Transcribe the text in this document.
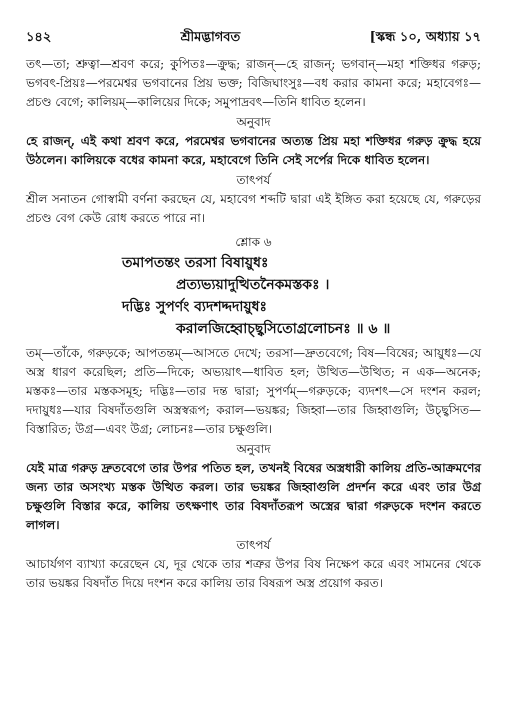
১৪২	শ্রীমদ্ভাগবত	[স্কন্ধ ১০, অধ্যায় ১৭

তৎ—তা; শ্রুত্বা—শ্রবণ করে; কুপিতঃ—ক্রুদ্ধ; রাজন্—হে রাজন্; ভগবান্—মহা শক্তিধর গরুড়; ভগবৎ-প্রিয়ঃ—পরমেশ্বর ভগবানের প্রিয় ভক্ত; বিজিঘাংসুঃ—বধ করার কামনা করে; মহাবেগঃ—প্রচণ্ড বেগে; কালিয়ম্—কালিয়ের দিকে; সমুপাদ্রবৎ—তিনি ধাবিত হলেন।

অনুবাদ

হে রাজন্, এই কথা শ্রবণ করে, পরমেশ্বর ভগবানের অত্যন্ত প্রিয় মহা শক্তিধর গরুড় ক্রুদ্ধ হয়ে উঠলেন। কালিয়কে বধের কামনা করে, মহাবেগে তিনি সেই সর্পের দিকে ধাবিত হলেন।

তাৎপর্য

শ্রীল সনাতন গোস্বামী বর্ণনা করছেন যে, মহাবেগ শব্দটি দ্বারা এই ইঙ্গিত করা হয়েছে যে, গরুড়ের প্রচণ্ড বেগ কেউ রোধ করতে পারে না।

শ্লোক ৬
তমাপতন্তং তরসা বিষায়ুধঃ
প্রত্যভ্যয়াদুত্থিতনৈকমস্তকঃ ।
দদ্ভিঃ সুপর্ণং ব্যদশদ্দদায়ুধঃ
করালজিহ্বোচ্ছ্বসিতোগ্রলোচনঃ ॥ ৬ ॥

তম্—তাঁকে, গরুড়কে; আপতন্তম্—আসতে দেখে; তরসা—দ্রুতবেগে; বিষ—বিষের; আয়ুধঃ—যে অস্ত্র ধারণ করেছিল; প্রতি—দিকে; অভ্যয়াৎ—ধাবিত হল; উত্থিত—উত্থিত; ন এক—অনেক; মস্তকঃ—তার মস্তকসমূহ; দদ্ভিঃ—তার দন্ত দ্বারা; সুপর্ণম্—গরুড়কে; ব্যদশৎ—সে দংশন করল; দদায়ুধঃ—যার বিষদাঁতগুলি অস্ত্রস্বরূপ; করাল—ভয়ঙ্কর; জিহ্বা—তার জিহ্বাগুলি; উচ্ছ্বসিত—বিস্তারিত; উগ্র—এবং উগ্র; লোচনঃ—তার চক্ষুগুলি।

অনুবাদ

যেই মাত্র গরুড় দ্রুতবেগে তার উপর পতিত হল, তখনই বিষের অস্ত্রধারী কালিয় প্রতি-আক্রমণের জন্য তার অসংখ্য মস্তক উত্থিত করল। তার ভয়ঙ্কর জিহ্বাগুলি প্রদর্শন করে এবং তার উগ্র চক্ষুগুলি বিস্তার করে, কালিয় তৎক্ষণাৎ তার বিষদাঁতরূপ অস্ত্রের দ্বারা গরুড়কে দংশন করতে লাগল।

তাৎপর্য

আচার্যগণ ব্যাখ্যা করেছেন যে, দূর থেকে তার শত্রুর উপর বিষ নিক্ষেপ করে এবং সামনের থেকে তার ভয়ঙ্কর বিষদাঁত দিয়ে দংশন করে কালিয় তার বিষরূপ অস্ত্র প্রয়োগ করত।
